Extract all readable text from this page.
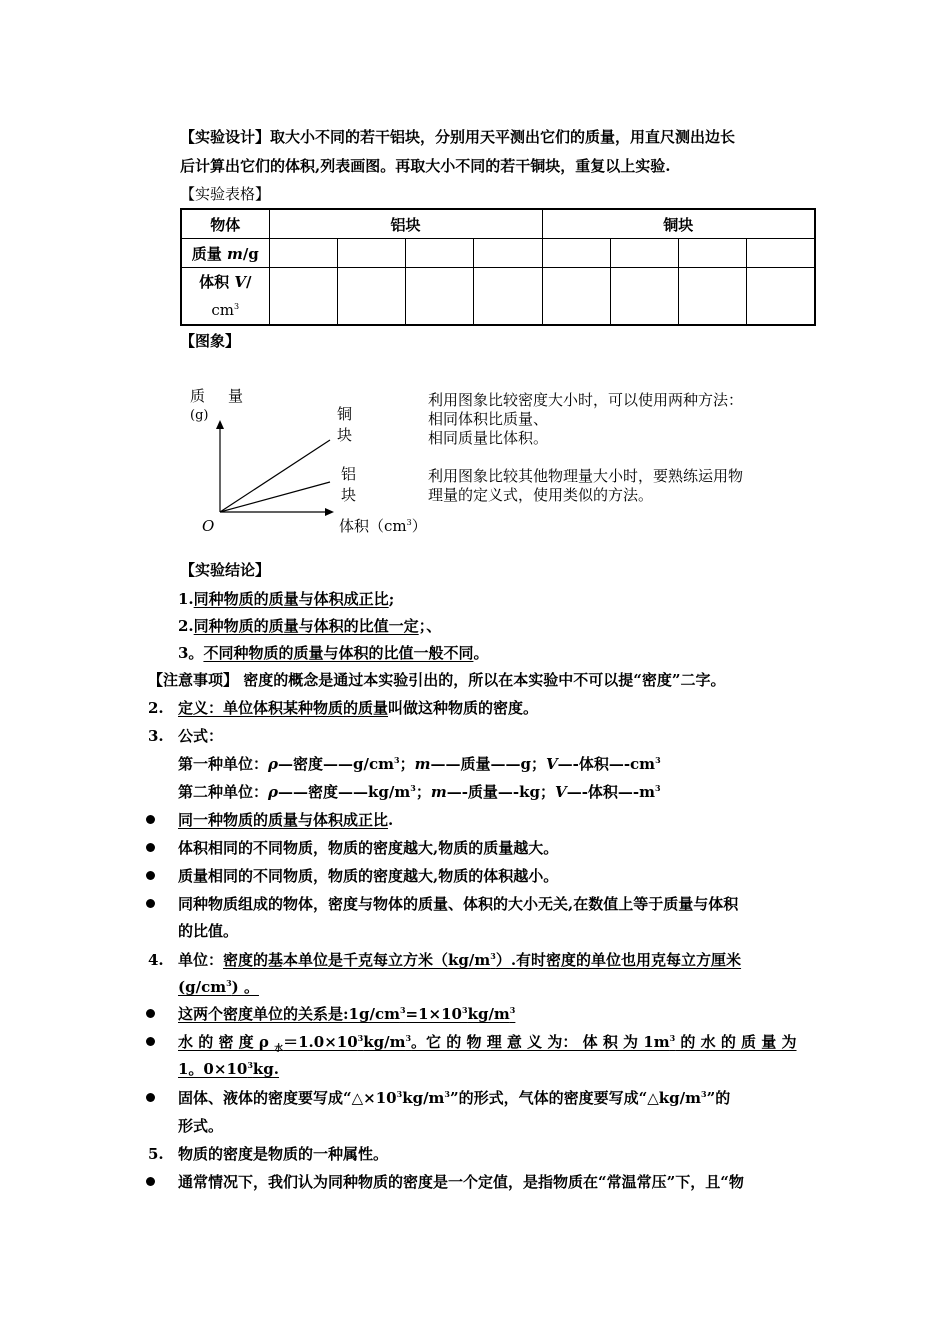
【实验设计】取大小不同的若干铝块，分别用天平测出它们的质量，用直尺测出边长
后计算出它们的体积,列表画图。再取大小不同的若干铜块，重复以上实验.
【实验表格】
物体	铝块				铜块			
质量 m/g								
体积 V/
$cm^3$								
【图象】
质 量
(g)
O	体积$(cm^3)$
铜
块
铝
块
利用图象比较密度大小时，可以使用两种方法：
相同体积比质量、
相同质量比体积。
利用图象比较其他物理量大小时，要熟练运用物
理量的定义式，使用类似的方法。
【实验结论】
1.同种物质的质量与体积成正比;
2.同种物质的质量与体积的比值一定；、
3。不同种物质的质量与体积的比值一般不同。
【注意事项】 密度的概念是通过本实验引出的，所以在本实验中不可以提“密度”二字。
2. 定义：单位体积某种物质的质量叫做这种物质的密度。
3. 公式：
第一种单位：ρ—密度$——g/cm^3$；m——质量——g；V—-体积$—-cm^3$
第二种单位：ρ——密度$——kg/m^3$；m—-质量—-kg；V—-体积$—-m^3$
同一种物质的质量与体积成正比.
体积相同的不同物质，物质的密度越大,物质的质量越大。
质量相同的不同物质，物质的密度越大,物质的体积越小。
同种物质组成的物体，密度与物体的质量、体积的大小无关,在数值上等于质量与体积
的比值。
4. 单位：密度的基本单位是千克每立方米$(kg/m^3)$.有时密度的单位也用克每立方厘米
$(g/cm^3)$ 。
这两个密度单位的关系是$:1g/cm^3=1\times 10^3kg/m^3$
水 的 密 度 ρ $_水=1.0\times 10^3kg/m^3$。它 的 物 理 意 义 为： 体 积 为 $1m^3$ 的 水 的 质 量 为
1。$0\times 10^3kg$.
固体、液体的密度要写成“$\triangle\times 10^3kg/m^3$”的形式，气体的密度要写成“$\triangle kg/m^3$”的
形式。
5. 物质的密度是物质的一种属性。
通常情况下，我们认为同种物质的密度是一个定值，是指物质在“常温常压”下，且“物
